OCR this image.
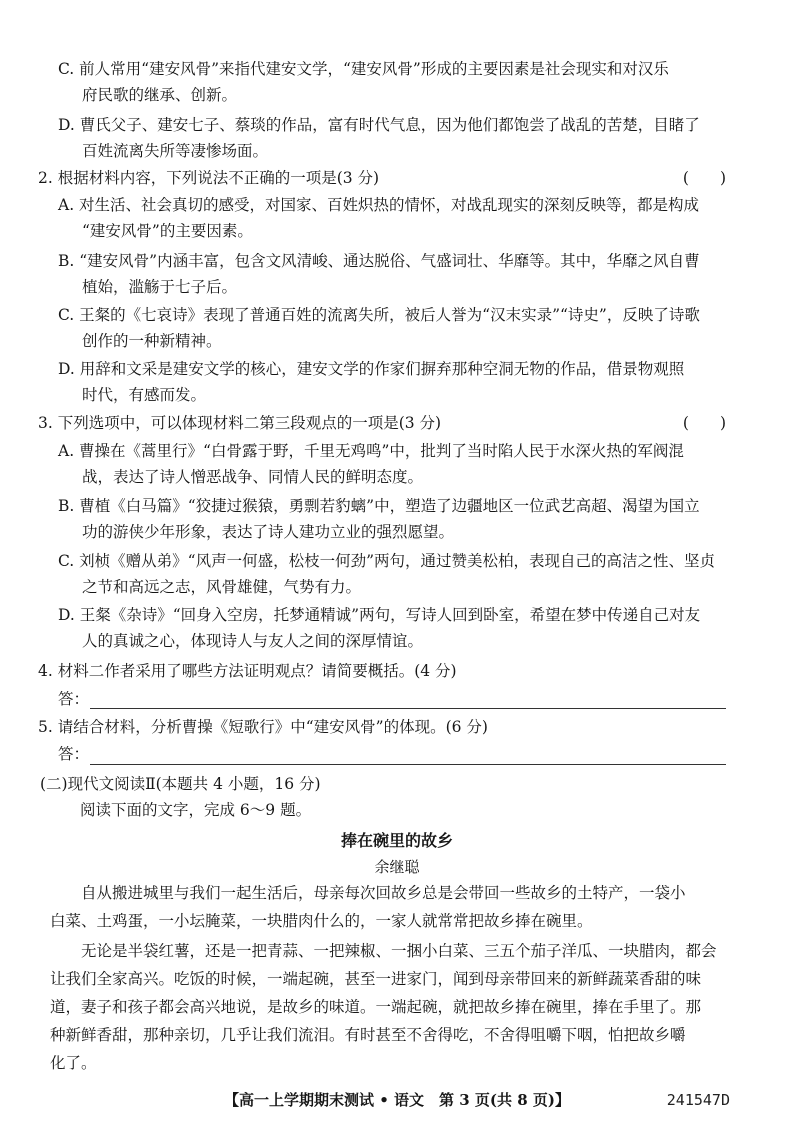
C. 前人常用“建安风骨”来指代建安文学，“建安风骨”形成的主要因素是社会现实和对汉乐
府民歌的继承、创新。
D. 曹氏父子、建安七子、蔡琰的作品，富有时代气息，因为他们都饱尝了战乱的苦楚，目睹了
百姓流离失所等凄惨场面。
2. 根据材料内容，下列说法不正确的一项是(3 分)	(　　)
A. 对生活、社会真切的感受，对国家、百姓炽热的情怀，对战乱现实的深刻反映等，都是构成
“建安风骨”的主要因素。
B. “建安风骨”内涵丰富，包含文风清峻、通达脱俗、气盛词壮、华靡等。其中，华靡之风自曹
植始，滥觞于七子后。
C. 王粲的《七哀诗》表现了普通百姓的流离失所，被后人誉为“汉末实录”“诗史”，反映了诗歌
创作的一种新精神。
D. 用辞和文采是建安文学的核心，建安文学的作家们摒弃那种空洞无物的作品，借景物观照
时代，有感而发。
3. 下列选项中，可以体现材料二第三段观点的一项是(3 分)	(　　)
A. 曹操在《蒿里行》“白骨露于野，千里无鸡鸣”中，批判了当时陷人民于水深火热的军阀混
战，表达了诗人憎恶战争、同情人民的鲜明态度。
B. 曹植《白马篇》“狡捷过猴猿，勇剽若豹螭”中，塑造了边疆地区一位武艺高超、渴望为国立
功的游侠少年形象，表达了诗人建功立业的强烈愿望。
C. 刘桢《赠从弟》“风声一何盛，松枝一何劲”两句，通过赞美松柏，表现自己的高洁之性、坚贞
之节和高远之志，风骨雄健，气势有力。
D. 王粲《杂诗》“回身入空房，托梦通精诚”两句，写诗人回到卧室，希望在梦中传递自己对友
人的真诚之心，体现诗人与友人之间的深厚情谊。
4. 材料二作者采用了哪些方法证明观点？请简要概括。(4 分)
答：
5. 请结合材料，分析曹操《短歌行》中“建安风骨”的体现。(6 分)
答：
(二)现代文阅读Ⅱ(本题共 4 小题，16 分)
阅读下面的文字，完成 6～9 题。
捧在碗里的故乡
余继聪
　　自从搬进城里与我们一起生活后，母亲每次回故乡总是会带回一些故乡的土特产，一袋小
白菜、土鸡蛋，一小坛腌菜，一块腊肉什么的，一家人就常常把故乡捧在碗里。
　　无论是半袋红薯，还是一把青蒜、一把辣椒、一捆小白菜、三五个茄子洋瓜、一块腊肉，都会
让我们全家高兴。吃饭的时候，一端起碗，甚至一进家门，闻到母亲带回来的新鲜蔬菜香甜的味
道，妻子和孩子都会高兴地说，是故乡的味道。一端起碗，就把故乡捧在碗里，捧在手里了。那
种新鲜香甜，那种亲切，几乎让我们流泪。有时甚至不舍得吃，不舍得咀嚼下咽，怕把故乡嚼
化了。
【高一上学期期末测试 • 语文　第 3 页(共 8 页)】	241547D
